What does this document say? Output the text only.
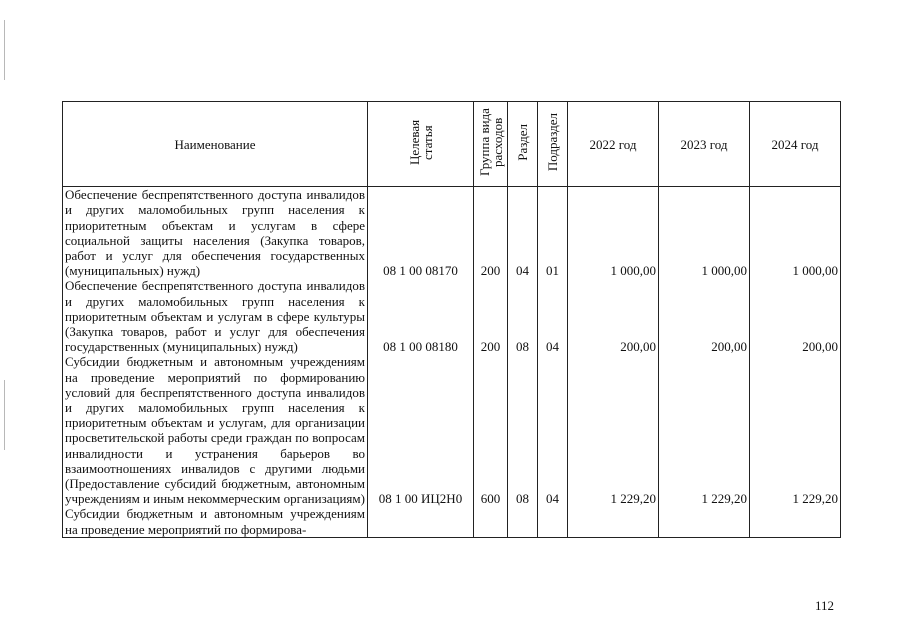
Наименование	Целевая статья	Группа вида расходов	Раздел	Подраздел	2022 год	2023 год	2024 год
Обеспечение беспрепятственного доступа инвалидов и других маломобильных групп населения к приоритетным объектам и услугам в сфере социальной защиты населения (Закупка товаров, работ и услуг для обеспечения государственных (муниципальных) нужд)	08 1 00 08170	200	04	01	1 000,00	1 000,00	1 000,00
Обеспечение беспрепятственного доступа инвалидов и других маломобильных групп населения к приоритетным объектам и услугам в сфере культуры (Закупка товаров, работ и услуг для обеспечения государственных (муниципальных) нужд)	08 1 00 08180	200	08	04	200,00	200,00	200,00
Субсидии бюджетным и автономным учреждениям на проведение мероприятий по формированию условий для беспрепятственного доступа инвалидов и других маломобильных групп населения к приоритетным объектам и услугам, для организации просветительской работы среди граждан по вопросам инвалидности и устранения барьеров во взаимоотношениях инвалидов с другими людьми (Предоставление субсидий бюджетным, автономным учреждениям и иным некоммерческим организациям)	08 1 00 ИЦ2Н0	600	08	04	1 229,20	1 229,20	1 229,20
Субсидии бюджетным и автономным учреждениям на проведение мероприятий по формирова-							
112
